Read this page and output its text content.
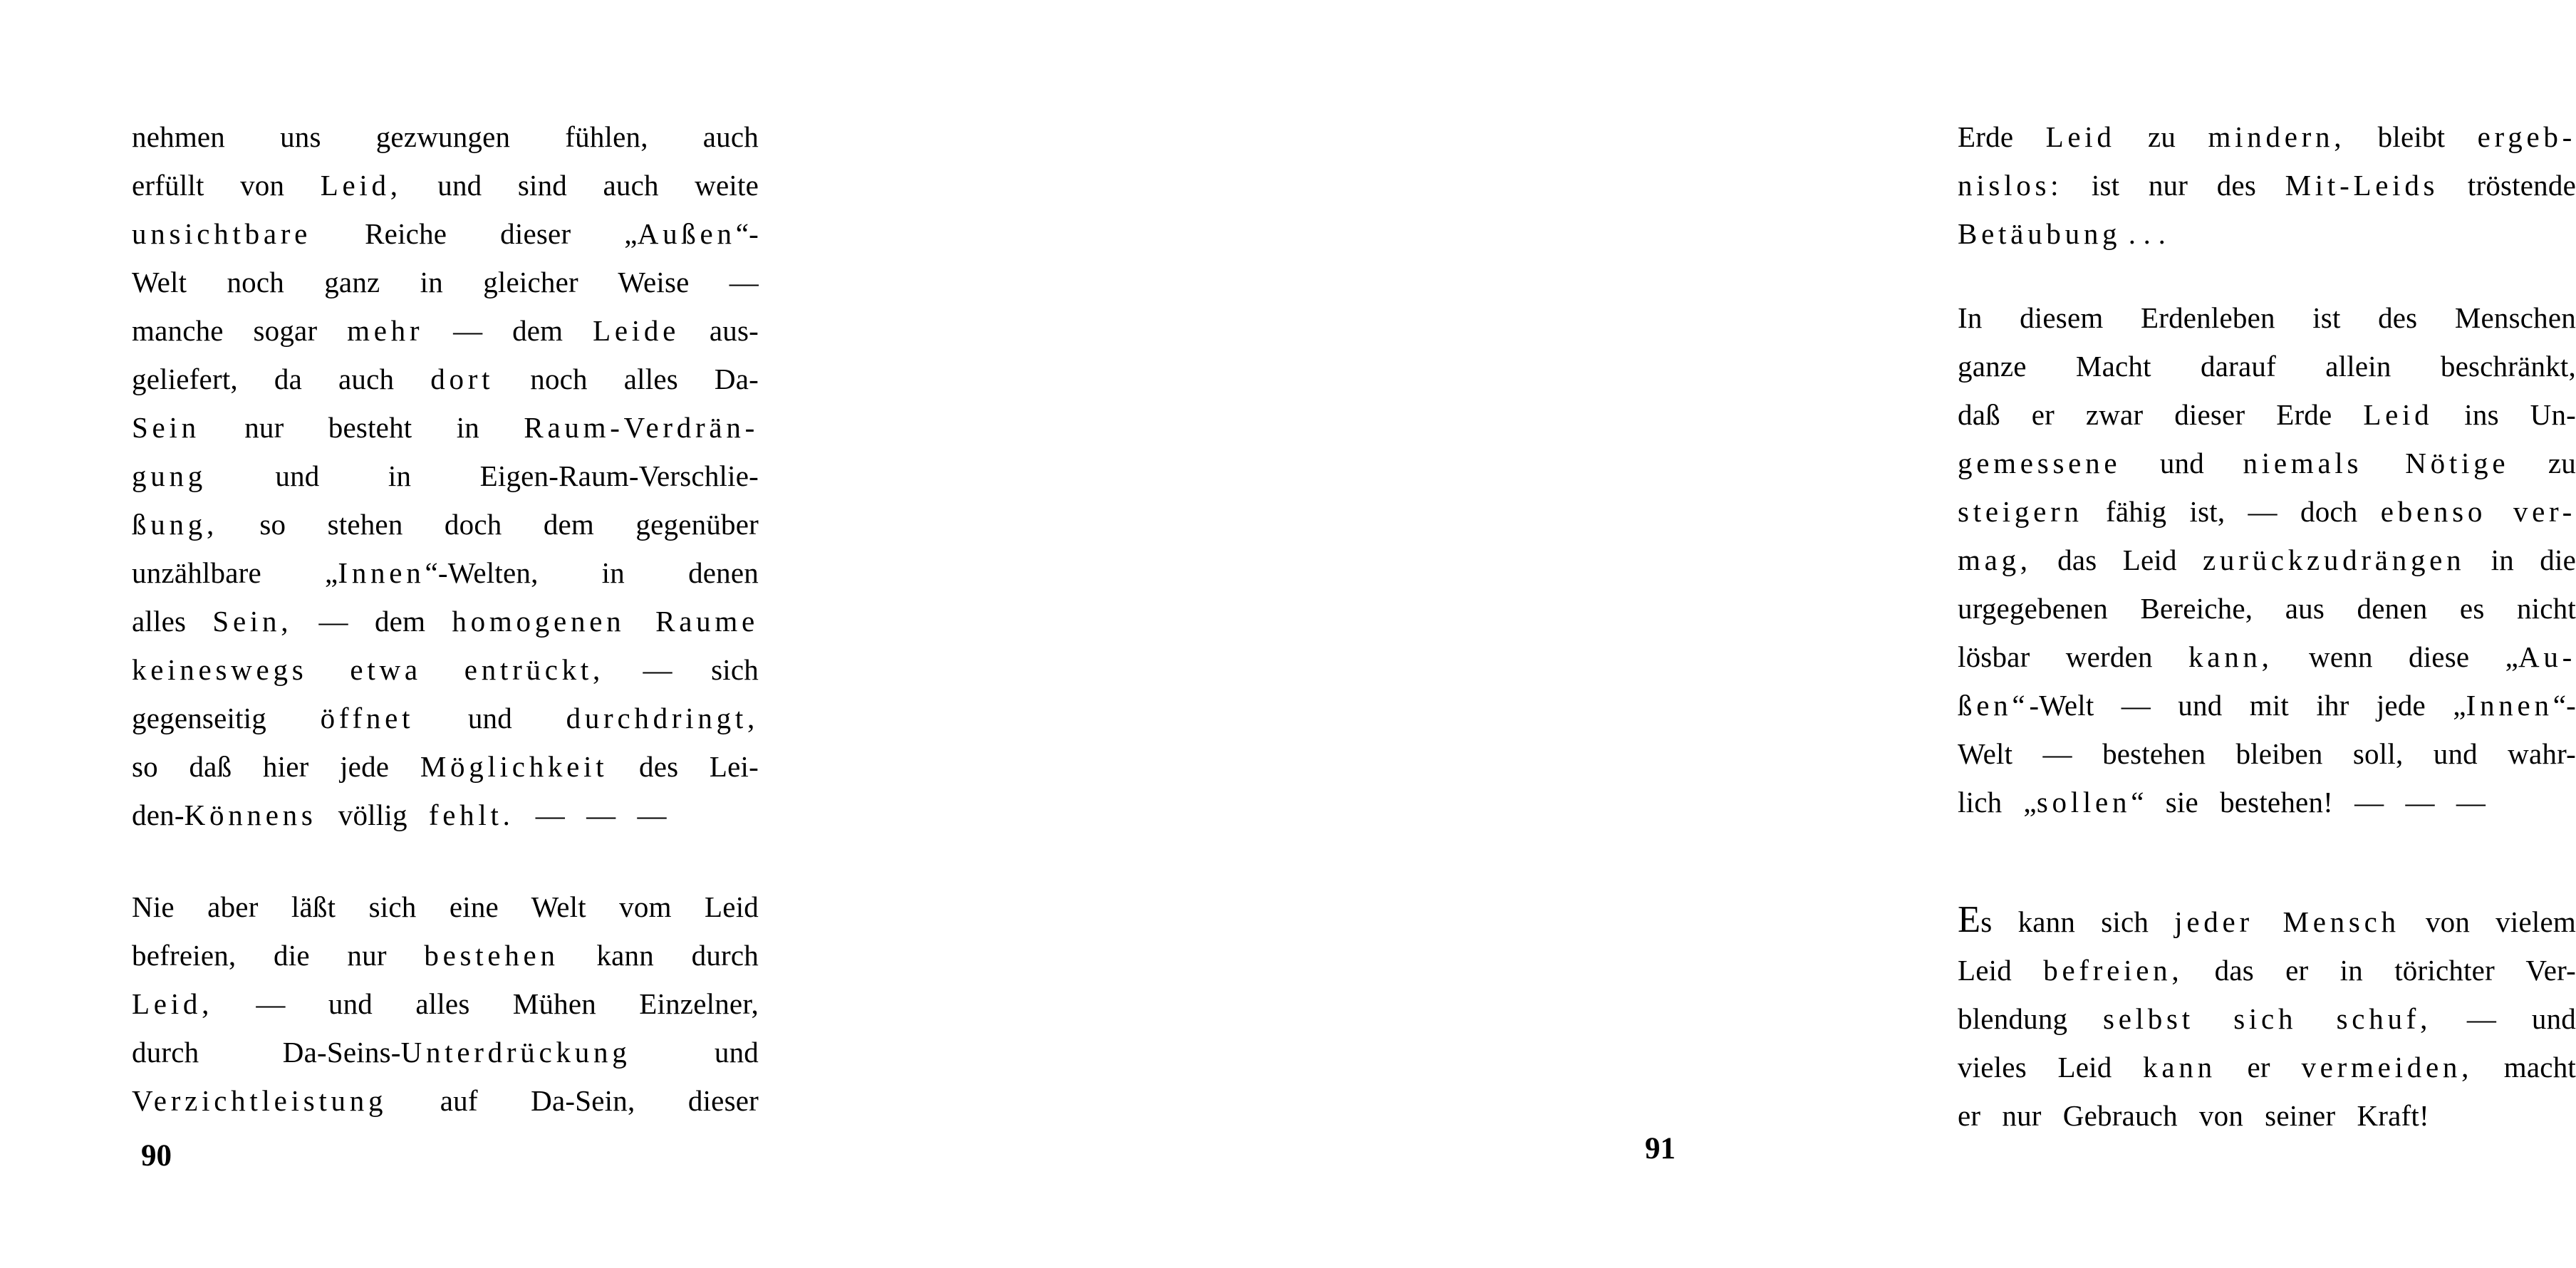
nehmen uns gezwungen fühlen, auch
erfüllt von Leid, und sind auch weite
unsichtbare Reiche dieser „Außen“-
Welt noch ganz in gleicher Weise —
manche sogar mehr — dem Leide aus-
geliefert, da auch dort noch alles Da-
Sein nur besteht in Raum-Verdrän-
gung und in Eigen-Raum-Verschlie-
ßung, so stehen doch dem gegenüber
unzählbare „Innen“-Welten, in denen
alles Sein, — dem homogenen Raume
keineswegs etwa entrückt, — sich
gegenseitig öffnet und durchdringt,
so daß hier jede Möglichkeit des Lei-
den-Könnens völlig fehlt. — — —
Nie aber läßt sich eine Welt vom Leid
befreien, die nur bestehen kann durch
Leid, — und alles Mühen Einzelner,
durch Da-Seins-Unterdrückung und
Verzichtleistung auf Da-Sein, dieser
90
Erde Leid zu mindern, bleibt ergeb-
nislos: ist nur des Mit-Leids tröstende
Betäubung . . .
In diesem Erdenleben ist des Menschen
ganze Macht darauf allein beschränkt,
daß er zwar dieser Erde Leid ins Un-
gemessene und niemals Nötige zu
steigern fähig ist, — doch ebenso ver-
mag, das Leid zurückzudrängen in die
urgegebenen Bereiche, aus denen es nicht
lösbar werden kann, wenn diese „Au-
ßen“-Welt — und mit ihr jede „Innen“-
Welt — bestehen bleiben soll, und wahr-
lich „sollen“ sie bestehen! — — —
Es kann sich jeder Mensch von vielem
Leid befreien, das er in törichter Ver-
blendung selbst sich schuf, — und
vieles Leid kann er vermeiden, macht
er nur Gebrauch von seiner Kraft!
91
